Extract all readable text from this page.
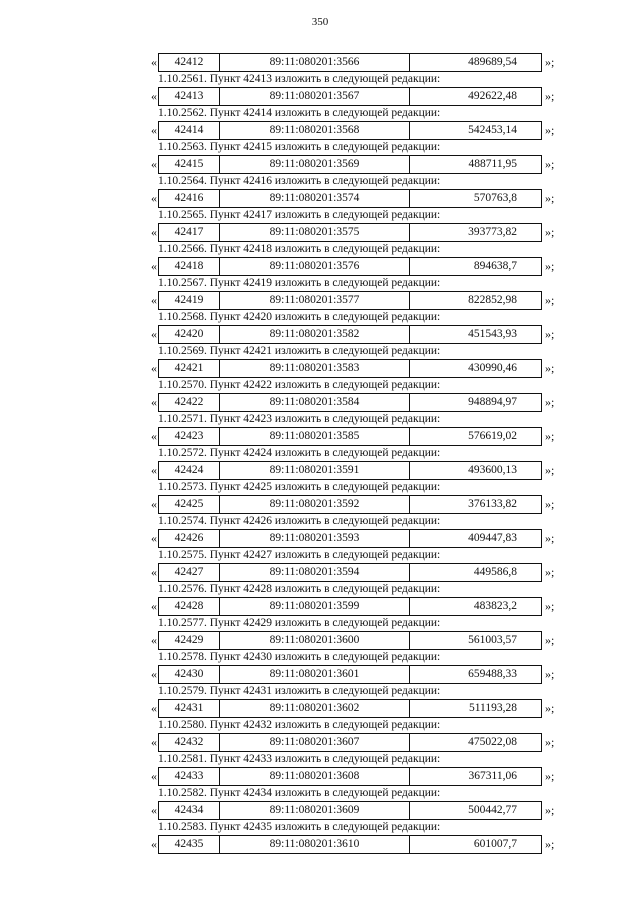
350
«	42412	89:11:080201:3566	489689,54	»;
1.10.2561. Пункт 42413 изложить в следующей редакции:
«	42413	89:11:080201:3567	492622,48	»;
1.10.2562. Пункт 42414 изложить в следующей редакции:
«	42414	89:11:080201:3568	542453,14	»;
1.10.2563. Пункт 42415 изложить в следующей редакции:
«	42415	89:11:080201:3569	488711,95	»;
1.10.2564. Пункт 42416 изложить в следующей редакции:
«	42416	89:11:080201:3574	570763,8	»;
1.10.2565. Пункт 42417 изложить в следующей редакции:
«	42417	89:11:080201:3575	393773,82	»;
1.10.2566. Пункт 42418 изложить в следующей редакции:
«	42418	89:11:080201:3576	894638,7	»;
1.10.2567. Пункт 42419 изложить в следующей редакции:
«	42419	89:11:080201:3577	822852,98	»;
1.10.2568. Пункт 42420 изложить в следующей редакции:
«	42420	89:11:080201:3582	451543,93	»;
1.10.2569. Пункт 42421 изложить в следующей редакции:
«	42421	89:11:080201:3583	430990,46	»;
1.10.2570. Пункт 42422 изложить в следующей редакции:
«	42422	89:11:080201:3584	948894,97	»;
1.10.2571. Пункт 42423 изложить в следующей редакции:
«	42423	89:11:080201:3585	576619,02	»;
1.10.2572. Пункт 42424 изложить в следующей редакции:
«	42424	89:11:080201:3591	493600,13	»;
1.10.2573. Пункт 42425 изложить в следующей редакции:
«	42425	89:11:080201:3592	376133,82	»;
1.10.2574. Пункт 42426 изложить в следующей редакции:
«	42426	89:11:080201:3593	409447,83	»;
1.10.2575. Пункт 42427 изложить в следующей редакции:
«	42427	89:11:080201:3594	449586,8	»;
1.10.2576. Пункт 42428 изложить в следующей редакции:
«	42428	89:11:080201:3599	483823,2	»;
1.10.2577. Пункт 42429 изложить в следующей редакции:
«	42429	89:11:080201:3600	561003,57	»;
1.10.2578. Пункт 42430 изложить в следующей редакции:
«	42430	89:11:080201:3601	659488,33	»;
1.10.2579. Пункт 42431 изложить в следующей редакции:
«	42431	89:11:080201:3602	511193,28	»;
1.10.2580. Пункт 42432 изложить в следующей редакции:
«	42432	89:11:080201:3607	475022,08	»;
1.10.2581. Пункт 42433 изложить в следующей редакции:
«	42433	89:11:080201:3608	367311,06	»;
1.10.2582. Пункт 42434 изложить в следующей редакции:
«	42434	89:11:080201:3609	500442,77	»;
1.10.2583. Пункт 42435 изложить в следующей редакции:
«	42435	89:11:080201:3610	601007,7	»;
